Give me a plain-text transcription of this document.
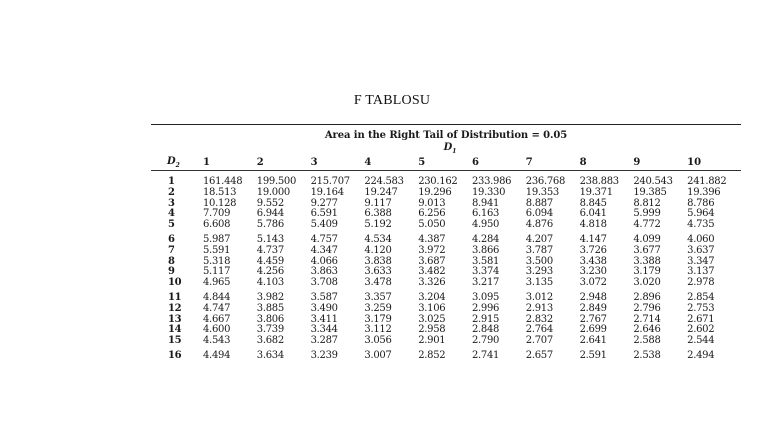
F TABLOSU
Area in the Right Tail of Distribution = 0.05
$D_1$
$D_2$	1	2	3	4	5	6	7	8	9	10
1	161.448	199.500	215.707	224.583	230.162	233.986	236.768	238.883	240.543	241.882
2	18.513	19.000	19.164	19.247	19.296	19.330	19.353	19.371	19.385	19.396
3	10.128	9.552	9.277	9.117	9.013	8.941	8.887	8.845	8.812	8.786
4	7.709	6.944	6.591	6.388	6.256	6.163	6.094	6.041	5.999	5.964
5	6.608	5.786	5.409	5.192	5.050	4.950	4.876	4.818	4.772	4.735
6	5.987	5.143	4.757	4.534	4.387	4.284	4.207	4.147	4.099	4.060
7	5.591	4.737	4.347	4.120	3.972	3.866	3.787	3.726	3.677	3.637
8	5.318	4.459	4.066	3.838	3.687	3.581	3.500	3.438	3.388	3.347
9	5.117	4.256	3.863	3.633	3.482	3.374	3.293	3.230	3.179	3.137
10	4.965	4.103	3.708	3.478	3.326	3.217	3.135	3.072	3.020	2.978
11	4.844	3.982	3.587	3.357	3.204	3.095	3.012	2.948	2.896	2.854
12	4.747	3.885	3.490	3.259	3.106	2.996	2.913	2.849	2.796	2.753
13	4.667	3.806	3.411	3.179	3.025	2.915	2.832	2.767	2.714	2.671
14	4.600	3.739	3.344	3.112	2.958	2.848	2.764	2.699	2.646	2.602
15	4.543	3.682	3.287	3.056	2.901	2.790	2.707	2.641	2.588	2.544
16	4.494	3.634	3.239	3.007	2.852	2.741	2.657	2.591	2.538	2.494
